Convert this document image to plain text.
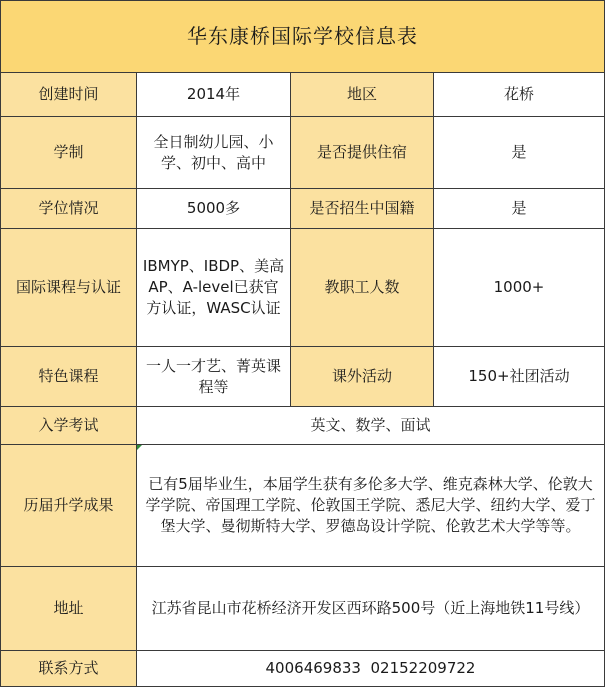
华东康桥国际学校信息表			
创建时间	2014年	地区	花桥
学制	全日制幼儿园、小学、初中、高中	是否提供住宿	是
学位情况	5000多	是否招生中国籍	是
国际课程与认证	IBMYP、IBDP、美高AP、A-level已获官方认证，WASC认证	教职工人数	1000+
特色课程	一人一才艺、菁英课程等	课外活动	150+社团活动
入学考试	英文、数学、面试		
历届升学成果	已有5届毕业生，本届学生获有多伦多大学、维克森林大学、伦敦大学学院、帝国理工学院、伦敦国王学院、悉尼大学、纽约大学、爱丁堡大学、曼彻斯特大学、罗德岛设计学院、伦敦艺术大学等等。		
地址	江苏省昆山市花桥经济开发区西环路500号（近上海地铁11号线）		
联系方式	4006469833  02152209722		
